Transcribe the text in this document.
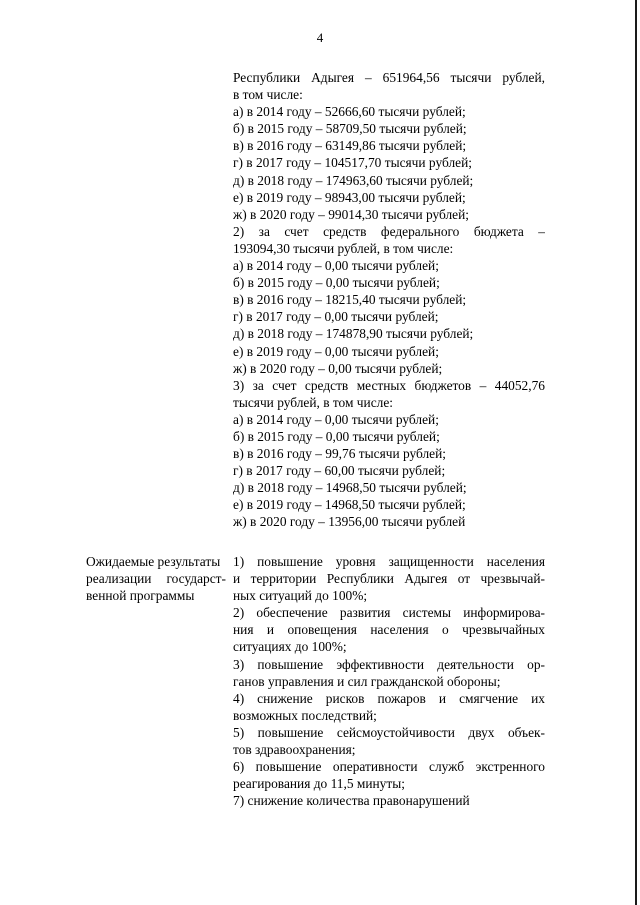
4
Республики Адыгея – 651964,56 тысячи рублей,
в том числе:
а) в 2014 году – 52666,60 тысячи рублей;
б) в 2015 году – 58709,50 тысячи рублей;
в) в 2016 году – 63149,86 тысячи рублей;
г) в 2017 году – 104517,70 тысячи рублей;
д) в 2018 году – 174963,60 тысячи рублей;
е) в 2019 году – 98943,00 тысячи рублей;
ж) в 2020 году – 99014,30 тысячи рублей;
2) за счет средств федерального бюджета –
193094,30 тысячи рублей, в том числе:
а) в 2014 году – 0,00 тысячи рублей;
б) в 2015 году – 0,00 тысячи рублей;
в) в 2016 году – 18215,40 тысячи рублей;
г) в 2017 году – 0,00 тысячи рублей;
д) в 2018 году – 174878,90 тысячи рублей;
е) в 2019 году – 0,00 тысячи рублей;
ж) в 2020 году – 0,00 тысячи рублей;
3) за счет средств местных бюджетов – 44052,76
тысячи рублей, в том числе:
а) в 2014 году – 0,00 тысячи рублей;
б) в 2015 году – 0,00 тысячи рублей;
в) в 2016 году – 99,76 тысячи рублей;
г) в 2017 году – 60,00 тысячи рублей;
д) в 2018 году – 14968,50 тысячи рублей;
е) в 2019 году – 14968,50 тысячи рублей;
ж) в 2020 году – 13956,00 тысячи рублей
Ожидаемые результаты
реализации государст-
венной программы
1) повышение уровня защищенности населения
и территории Республики Адыгея от чрезвычай-
ных ситуаций до 100%;
2) обеспечение развития системы информирова-
ния и оповещения населения о чрезвычайных
ситуациях до 100%;
3) повышение эффективности деятельности ор-
ганов управления и сил гражданской обороны;
4) снижение рисков пожаров и смягчение их
возможных последствий;
5) повышение сейсмоустойчивости двух объек-
тов здравоохранения;
6) повышение оперативности служб экстренного
реагирования до 11,5 минуты;
7) снижение количества правонарушений
